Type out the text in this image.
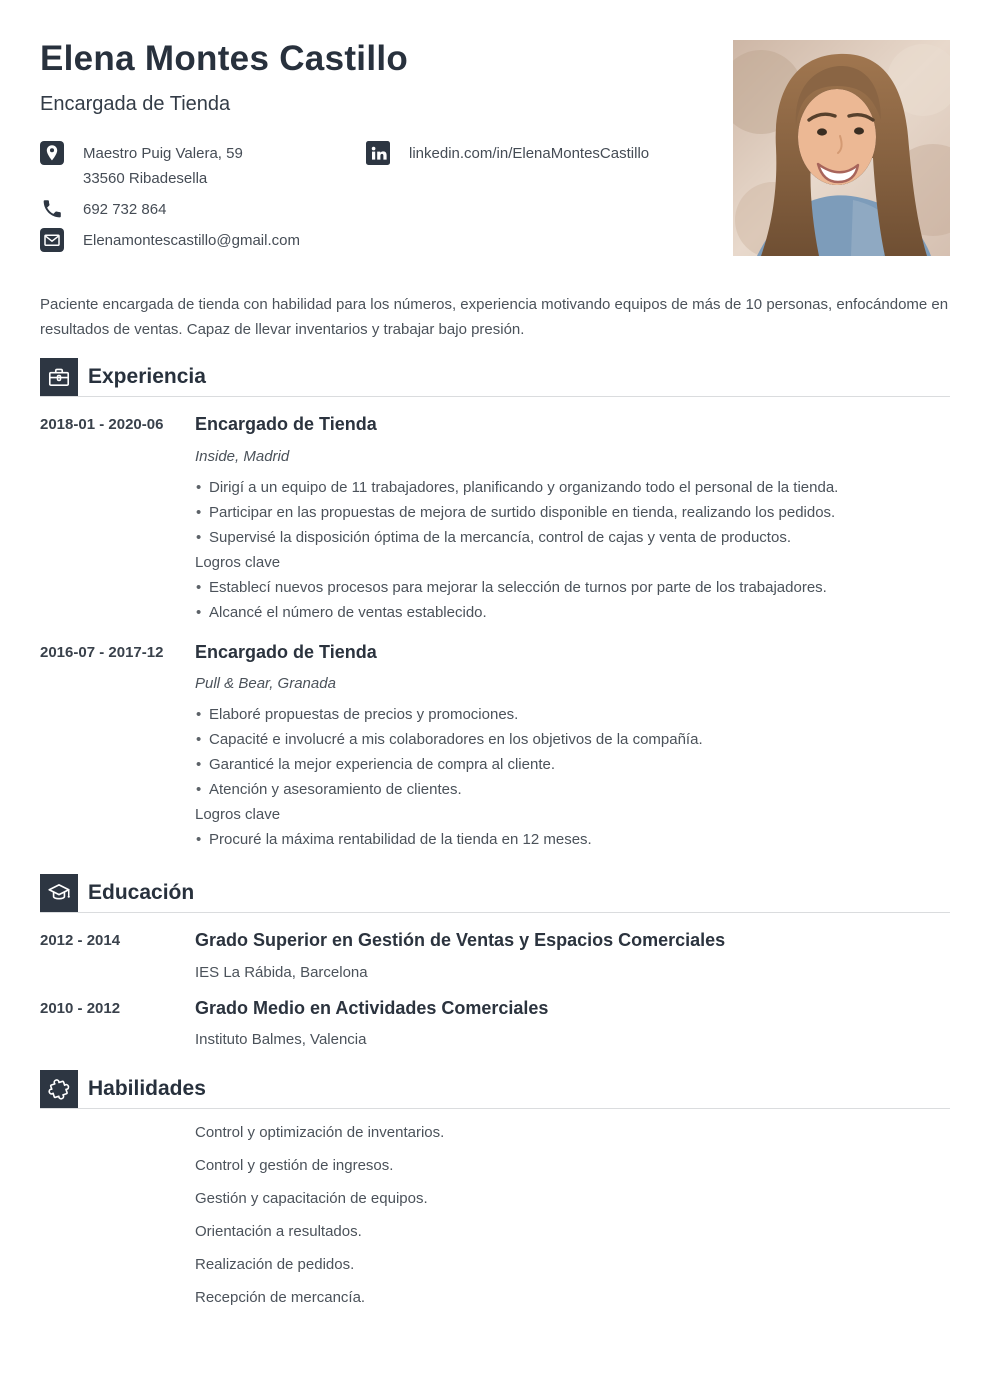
Elena Montes Castillo
Encargada de Tienda
Maestro Puig Valera, 59
33560 Ribadesella
692 732 864
Elenamontescastillo@gmail.com
linkedin.com/in/ElenaMontesCastillo

Paciente encargada de tienda con habilidad para los números, experiencia motivando equipos de más de 10 personas, enfocándome en resultados de ventas. Capaz de llevar inventarios y trabajar bajo presión.

Experiencia
2018-01 - 2020-06	Encargado de Tienda
Inside, Madrid
• Dirigí a un equipo de 11 trabajadores, planificando y organizando todo el personal de la tienda.
• Participar en las propuestas de mejora de surtido disponible en tienda, realizando los pedidos.
• Supervisé la disposición óptima de la mercancía, control de cajas y venta de productos.
Logros clave
• Establecí nuevos procesos para mejorar la selección de turnos por parte de los trabajadores.
• Alcancé el número de ventas establecido.
2016-07 - 2017-12	Encargado de Tienda
Pull & Bear, Granada
• Elaboré propuestas de precios y promociones.
• Capacité e involucré a mis colaboradores en los objetivos de la compañía.
• Garanticé la mejor experiencia de compra al cliente.
• Atención y asesoramiento de clientes.
Logros clave
• Procuré la máxima rentabilidad de la tienda en 12 meses.
Educación
2012 - 2014	Grado Superior en Gestión de Ventas y Espacios Comerciales
IES La Rábida, Barcelona
2010 - 2012	Grado Medio en Actividades Comerciales
Instituto Balmes, Valencia
Habilidades
Control y optimización de inventarios.
Control y gestión de ingresos.
Gestión y capacitación de equipos.
Orientación a resultados.
Realización de pedidos.
Recepción de mercancía.
